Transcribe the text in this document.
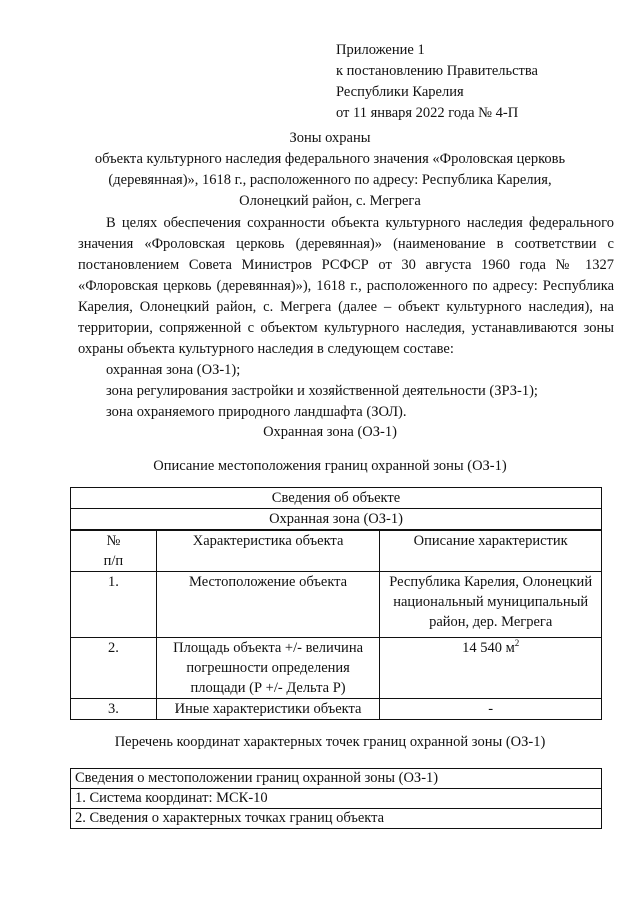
Приложение 1
к постановлению Правительства
Республики Карелия
от 11 января 2022 года № 4-П
Зоны охраны
объекта культурного наследия федерального значения «Фроловская церковь
(деревянная)», 1618 г., расположенного по адресу: Республика Карелия,
Олонецкий район, с. Мегрега
В целях обеспечения сохранности объекта культурного наследия федерального значения «Фроловская церковь (деревянная)» (наименование в соответствии с постановлением Совета Министров РСФСР от 30 августа 1960 года № 1327 «Флоровская церковь (деревянная)»), 1618 г., расположенного по адресу: Республика Карелия, Олонецкий район, с. Мегрега (далее – объект культурного наследия), на территории, сопряженной с объектом культурного наследия, устанавливаются зоны охраны объекта культурного наследия в следующем составе:
охранная зона (ОЗ-1);
зона регулирования застройки и хозяйственной деятельности (ЗРЗ-1);
зона охраняемого природного ландшафта (ЗОЛ).
Охранная зона (ОЗ-1)
Описание местоположения границ охранной зоны (ОЗ-1)
Сведения об объекте		
Охранная зона (ОЗ-1)		

№
п/п	Характеристика объекта	Описание характеристик
1.	Местоположение объекта	Республика Карелия, Олонецкий национальный муниципальный район, дер. Мегрега
2.	Площадь объекта +/- величина погрешности определения площади (Р +/- Дельта Р)	14 540 $м^2$
3.	Иные характеристики объекта	-
Перечень координат характерных точек границ охранной зоны (ОЗ-1)
Сведения о местоположении границ охранной зоны (ОЗ-1)
1. Система координат: МСК-10
2. Сведения о характерных точках границ объекта
